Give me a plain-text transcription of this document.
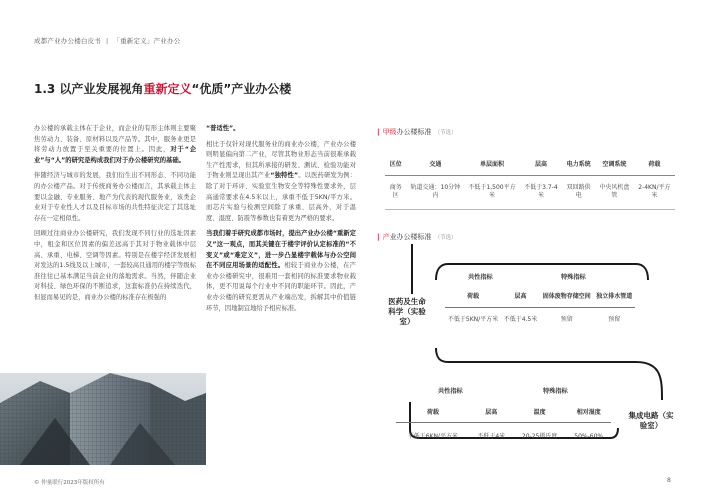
成都产业办公楼白皮书 | 「重新定义」产业办公
1.3 以产业发展视角重新定义“优质”产业办公楼

办公楼的承载主体在于企业，而企业的有形主体则主要聚焦劳动力、装备、原材料以及产品等。其中，服务业更是将劳动力放置于至关重要的位置上。因此，对于“企业”与“人”的研究是构成我们对于办公楼研究的基础。

伴随经济与城市的发展，我们衍生出不同形态、不同功能的办公楼产品。对于传统商务办公楼而言，其承载主体主要以金融、专业服务、地产为代表的现代服务业，该类企业对于专业性人才以及目标市场的共性特征决定了其选址存在一定相似性。

回顾过往商业办公楼研究，我们发现不同行业的选址因素中，租金和区位因素的偏差远高于其对于物业载体中层高、承重、电梯、空调等因素。特别是在楼宇经济发展相对发达的1.5线及以上城市，一套较高且通用的楼宇等级标准往往已基本满足当前企业的落地需求。当然，伴随企业对科技、绿色环保的不断追求，这套标准仍在持续迭代，但显而易见的是，商业办公楼的标准存在极强的

“普适性”。

相比于仅针对现代服务业的商业办公楼，产业办公楼则明显偏向第二产业，尽管其物业形态当前很难承载生产性需求，但其所承接的研发、测试、检验功能对于物业则呈现出其产业“独特性”。以医药研发为例：除了对于环评、实验室生物安全等特殊性要求外，层高通常要求在4.5米以上，承重不低于5KN/平方米。而芯片实验与检测空间除了承重、层高外，对于温度、湿度、防震等参数也有着更为严格的要求。

当我们着手研究成都市场时，提出产业办公楼“重新定义”这一观点，而其关键在于楼宇评价认定标准的“不变义”或“难定义”，进一步凸显楼宇载体与办公空间在不同应用场景的适配性。相较于商业办公楼，在产业办公楼研究中，很难用一套相同的标准要求物业载体，更不用说每个行业中不同的职能环节。因此，产业办公楼的研究更需从产业端出发，拆解其中价值链环节，因地制宜地给予相应标准。

| 甲级办公楼标准 （节选）
区位	交通	单层面积	层高	电力系统	空调系统	荷载
商务区	轨道交通：10分钟内	不低于1,500平方米	不低于3.7-4米	双回路供电	中央风机盘管	2-4KN/平方米
| 产业办公楼标准 （节选）
医药及生命科学（实验室）
共性指标	特殊指标
荷载	层高	固体废物存储空间	独立排水管道
不低于5KN/平方米	不低于4.5米	预留	预留
共性指标	特殊指标
荷载	层高	温度	相对湿度
不低于6KN/平方米	不低于4米	20-25摄氏度	50%-60%
集成电路（实验室）
© 仲量联行2023年版权所有	8
